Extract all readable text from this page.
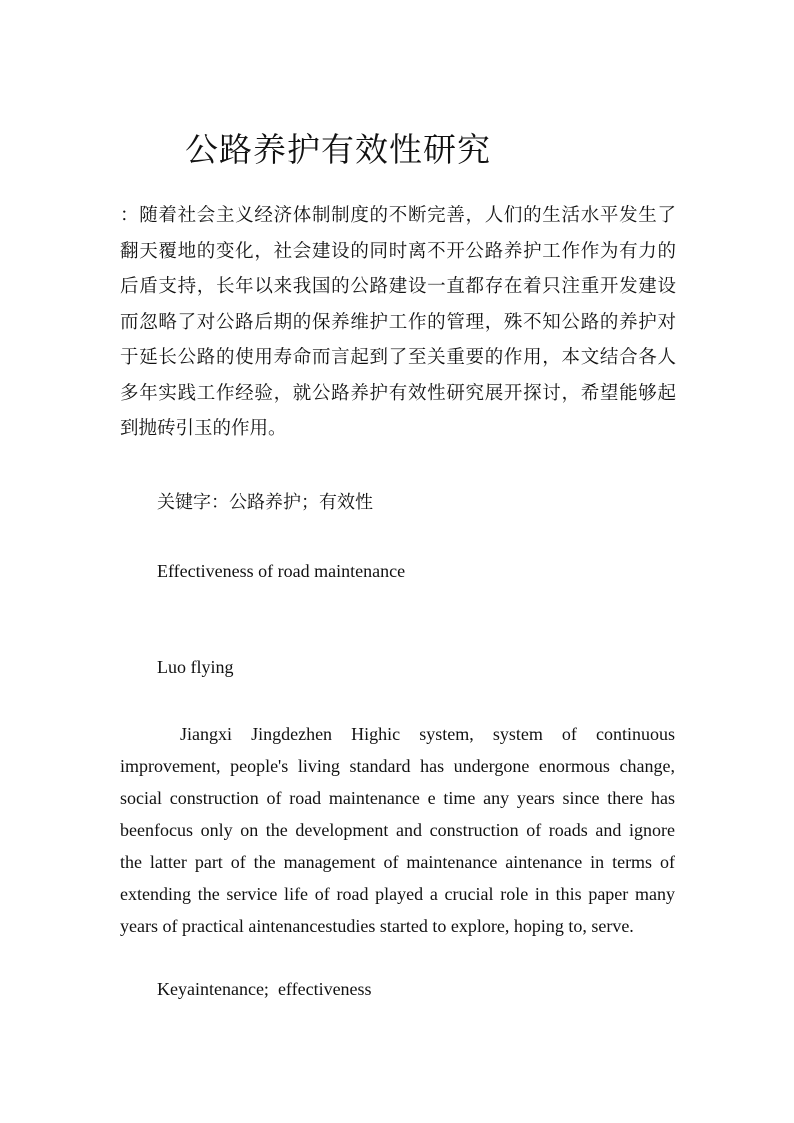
公路养护有效性研究
：随着社会主义经济体制制度的不断完善，人们的生活水平发生了
翻天覆地的变化，社会建设的同时离不开公路养护工作作为有力的
后盾支持，长年以来我国的公路建设一直都存在着只注重开发建设
而忽略了对公路后期的保养维护工作的管理，殊不知公路的养护对
于延长公路的使用寿命而言起到了至关重要的作用，本文结合各人
多年实践工作经验，就公路养护有效性研究展开探讨，希望能够起
到抛砖引玉的作用。
关键字：公路养护；有效性
Effectiveness of road maintenance
Luo flying
Jiangxi Jingdezhen Highic system, system of continuous
improvement, people's living standard has undergone enormous change,
social construction of road maintenance e time any years since there has
beenfocus only on the development and construction of roads and ignore
the latter part of the management of maintenance aintenance in terms of
extending the service life of road played a crucial role in this paper many
years of practical aintenancestudies started to explore, hoping to, serve.
Keyaintenance;  effectiveness
